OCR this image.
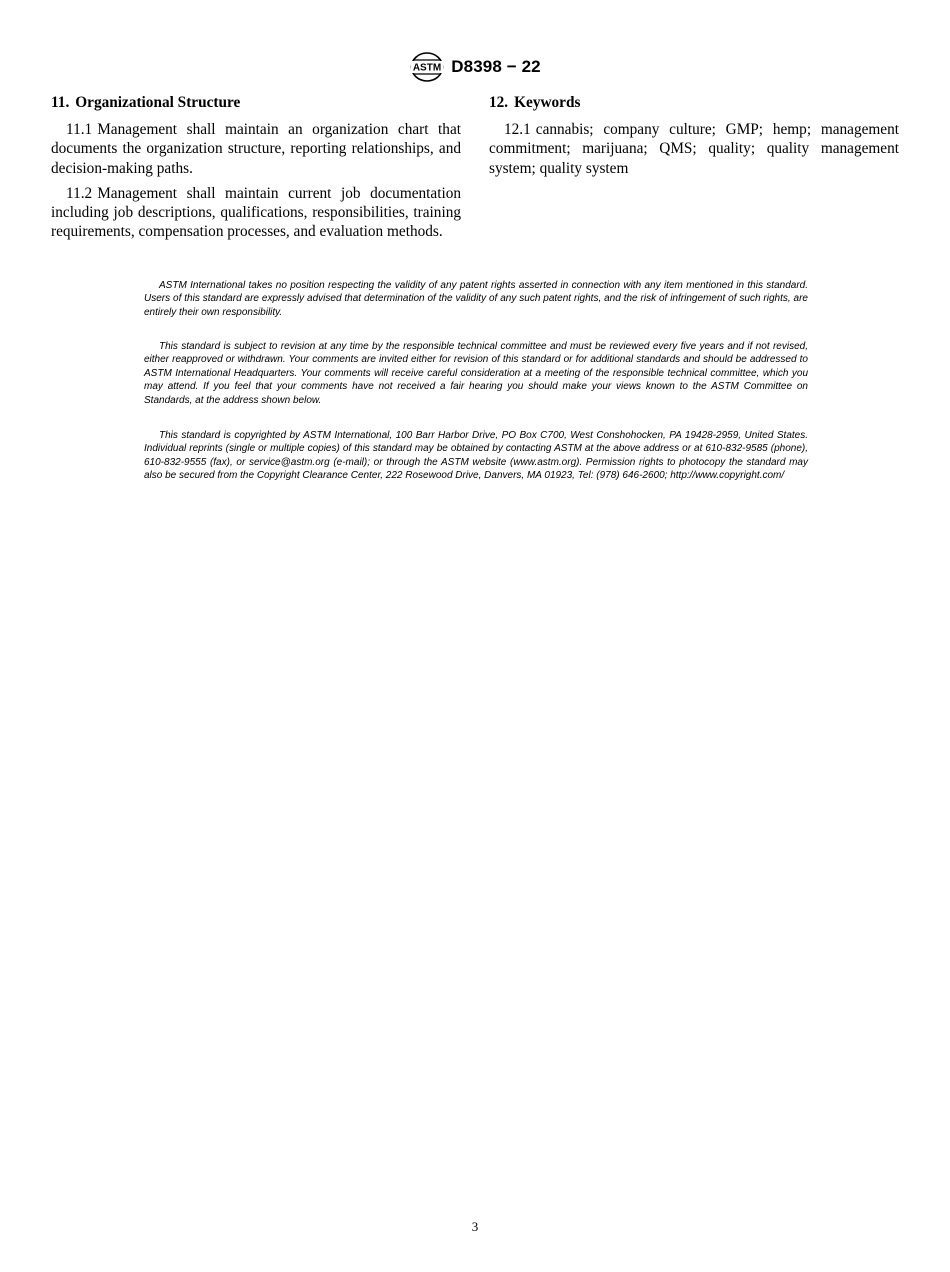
ASTM D8398 − 22
11. Organizational Structure

11.1 Management shall maintain an organization chart that documents the organization structure, reporting relationships, and decision-making paths.

11.2 Management shall maintain current job documentation including job descriptions, qualifications, responsibilities, training requirements, compensation processes, and evaluation methods.

12. Keywords

12.1 cannabis; company culture; GMP; hemp; management commitment; marijuana; QMS; quality; quality management system; quality system

ASTM International takes no position respecting the validity of any patent rights asserted in connection with any item mentioned in this standard. Users of this standard are expressly advised that determination of the validity of any such patent rights, and the risk of infringement of such rights, are entirely their own responsibility.

This standard is subject to revision at any time by the responsible technical committee and must be reviewed every five years and if not revised, either reapproved or withdrawn. Your comments are invited either for revision of this standard or for additional standards and should be addressed to ASTM International Headquarters. Your comments will receive careful consideration at a meeting of the responsible technical committee, which you may attend. If you feel that your comments have not received a fair hearing you should make your views known to the ASTM Committee on Standards, at the address shown below.

This standard is copyrighted by ASTM International, 100 Barr Harbor Drive, PO Box C700, West Conshohocken, PA 19428-2959, United States. Individual reprints (single or multiple copies) of this standard may be obtained by contacting ASTM at the above address or at 610-832-9585 (phone), 610-832-9555 (fax), or service@astm.org (e-mail); or through the ASTM website (www.astm.org). Permission rights to photocopy the standard may also be secured from the Copyright Clearance Center, 222 Rosewood Drive, Danvers, MA 01923, Tel: (978) 646-2600; http://www.copyright.com/

3
